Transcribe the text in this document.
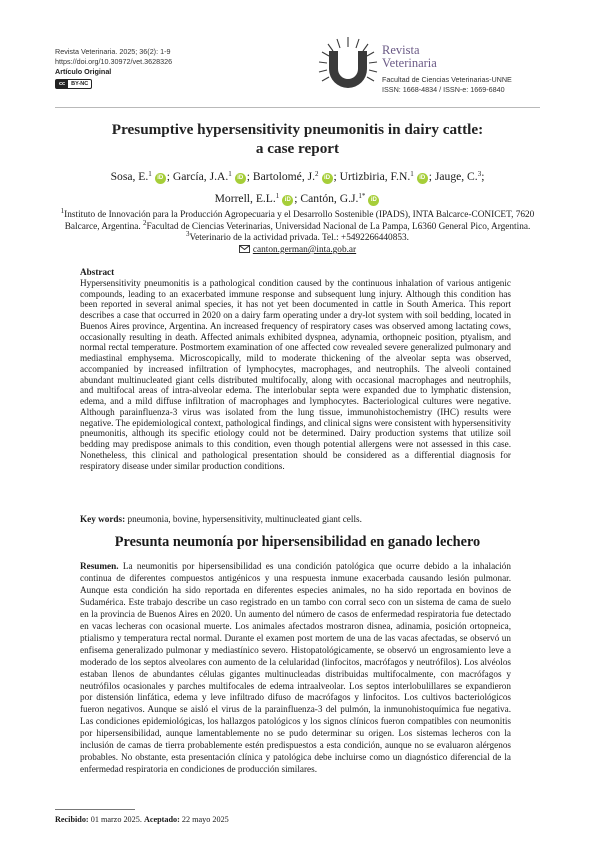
Revista Veterinaria. 2025; 36(2): 1-9
https://doi.org/10.30972/vet.3628326
Artículo Original
cc	BY-NC
Revista
Veterinaria
Facultad de Ciencias Veterinarias-UNNE
ISSN: 1668-4834 / ISSN-e: 1669-6840
Presumptive hypersensitivity pneumonitis in dairy cattle:
a case report
Sosa, E.$^1$ iD ; García, J.A.$^1$ iD ; Bartolomé, J.$^2$ iD ; Urtizbiria, F.N.$^1$ iD ; Jauge, C.$^3$;
Morrell, E.L.$^1$ iD ; Cantón, G.J.$^{1*}$ iD
$^1$Instituto de Innovación para la Producción Agropecuaria y el Desarrollo Sostenible (IPADS), INTA Balcarce-CONICET, 7620 Balcarce, Argentina. $^2$Facultad de Ciencias Veterinarias, Universidad Nacional de La Pampa, L6360 General Pico, Argentina. $^3$Veterinario de la actividad privada. Tel.: +5492266440853.
canton.german@inta.gob.ar
Abstract
Hypersensitivity pneumonitis is a pathological condition caused by the continuous inhalation of various antigenic compounds, leading to an exacerbated immune response and subsequent lung injury. Although this condition has been reported in several animal species, it has not yet been documented in cattle in South America. This report describes a case that occurred in 2020 on a dairy farm operating under a dry-lot system with soil bedding, located in Buenos Aires province, Argentina. An increased frequency of respiratory cases was observed among lactating cows, occasionally resulting in death. Affected animals exhibited dyspnea, adynamia, orthopneic position, ptyalism, and normal rectal temperature. Postmortem examination of one affected cow revealed severe generalized pulmonary and mediastinal emphysema. Microscopically, mild to moderate thickening of the alveolar septa was observed, accompanied by increased infiltration of lymphocytes, macrophages, and neutrophils. The alveoli contained abundant multinucleated giant cells distributed multifocally, along with occasional macrophages and neutrophils, and multifocal areas of intra-alveolar edema. The interlobular septa were expanded due to lymphatic distension, edema, and a mild diffuse infiltration of macrophages and lymphocytes. Bacteriological cultures were negative. Although parainfluenza-3 virus was isolated from the lung tissue, immunohistochemistry (IHC) results were negative. The epidemiological context, pathological findings, and clinical signs were consistent with hypersensitivity pneumonitis, although its specific etiology could not be determined. Dairy production systems that utilize soil bedding may predispose animals to this condition, even though potential allergens were not assessed in this case. Nonetheless, this clinical and pathological presentation should be considered as a differential diagnosis for respiratory disease under similar production conditions.
Key words: pneumonia, bovine, hypersensitivity, multinucleated giant cells.
Presunta neumonía por hipersensibilidad en ganado lechero
Resumen. La neumonitis por hipersensibilidad es una condición patológica que ocurre debido a la inhalación continua de diferentes compuestos antigénicos y una respuesta inmune exacerbada causando lesión pulmonar. Aunque esta condición ha sido reportada en diferentes especies animales, no ha sido reportada en bovinos de Sudamérica. Este trabajo describe un caso registrado en un tambo con corral seco con un sistema de cama de suelo en la provincia de Buenos Aires en 2020. Un aumento del número de casos de enfermedad respiratoria fue detectado en vacas lecheras con ocasional muerte. Los animales afectados mostraron disnea, adinamia, posición ortopneica, ptialismo y temperatura rectal normal. Durante el examen post mortem de una de las vacas afectadas, se observó un enfisema generalizado pulmonar y mediastínico severo. Histopatológicamente, se observó un engrosamiento leve a moderado de los septos alveolares con aumento de la celularidad (linfocitos, macrófagos y neutrófilos). Los alvéolos estaban llenos de abundantes células gigantes multinucleadas distribuidas multifocalmente, con macrófagos y neutrófilos ocasionales y parches multifocales de edema intraalveolar. Los septos interlobulillares se expandieron por distensión linfática, edema y leve infiltrado difuso de macrófagos y linfocitos. Los cultivos bacteriológicos fueron negativos. Aunque se aisló el virus de la parainfluenza-3 del pulmón, la inmunohistoquímica fue negativa. Las condiciones epidemiológicas, los hallazgos patológicos y los signos clínicos fueron compatibles con neumonitis por hipersensibilidad, aunque lamentablemente no se pudo determinar su origen. Los sistemas lecheros con la inclusión de camas de tierra probablemente estén predispuestos a esta condición, aunque no se evaluaron alérgenos probables. No obstante, esta presentación clínica y patológica debe incluirse como un diagnóstico diferencial de la enfermedad respiratoria en condiciones de producción similares.
Recibido: 01 marzo 2025. Aceptado: 22 mayo 2025
